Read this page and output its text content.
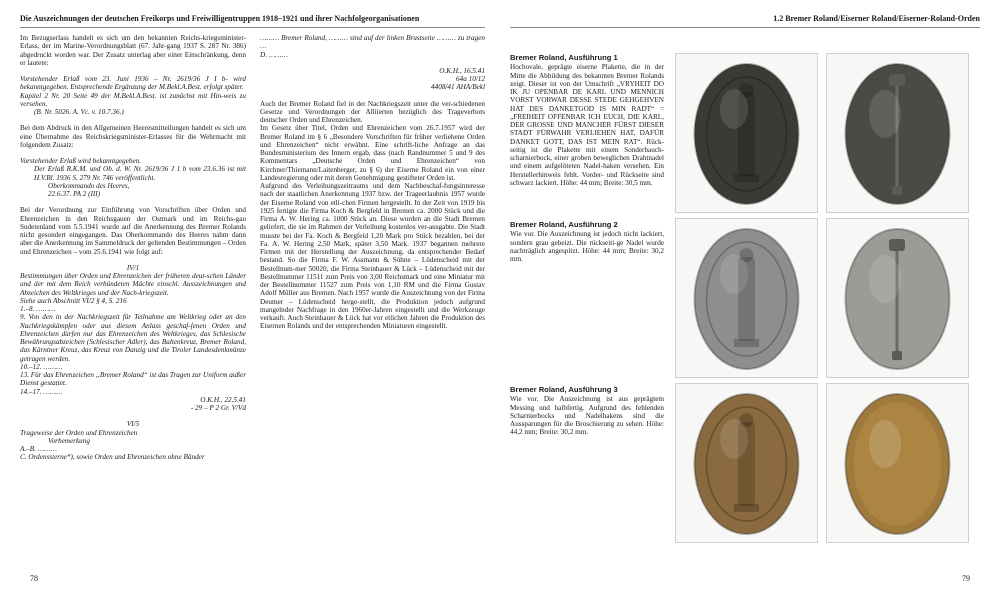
Die Auszeichnungen der deutschen Freikorps und Freiwilligentruppen 1918–1921 und ihrer Nachfolgeorganisationen	1.2 Bremer Roland/Eiserner Roland/Eiserner-Roland-Orden

Im Bezugserlass handelt es sich um den bekannten Reichs-kriegsminister-Erlass, der im Marine-Verordnungsblatt (67. Jahr-gang 1937 S. 287 Nr. 386) abgedruckt worden war. Der Zusatz unterlag aber einer Einschränkung, denn er lautete:

Vorstehender Erlaß vom 23. Juni 1936 – Nr. 2619/36 J I b- wird bekanntgegeben. Entsprechende Ergänzung der M.Bekl.A.Best. erfolgt später.

Kapitel 2 Nr. 20 Seite 49 der M.Bekl.A.Best. ist zunächst mit Hin-weis zu versehen.

(B. Nr. 5026. A. Vc. v. 10.7.36.)

Bei dem Abdruck in den Allgemeinen Heeresmitteilungen handelt es sich um eine Übernahme des Reichskriegsminister-Erlasses für die Wehrmacht mit folgendem Zusatz:

Vorstehender Erlaß wird bekanntgegeben.

Der Erlaß R.K.M. und Ob. d. W. Nr. 2619/36 J 1 b vom 23.6.36 ist mit H.V.Bl. 1936 S. 279 Nr. 746 veröffentlicht.

Oberkommando des Heeres,

22.6.37. PA 2 (III)

Bei der Verordnung zur Einführung von Vorschriften über Orden und Ehrenzeichen in den Reichsgauen der Ostmark und im Reichs-gau Sudetenland vom 5.5.1941 wurde auf die Anerkennung des Bremer Rolands nicht gesondert eingegangen. Das Oberkommando des Heeres nahm dann aber die Anerkennung im Sammeldruck der geltenden Bestimmungen – Orden und Ehrenzeichen – vom 25.6.1941 wie folgt auf:

IV/1

Bestimmungen über Orden und Ehrenzeichen der früheren deut-schen Länder und der mit dem Reich verbündeten Mächte einschl. Ausszeichnungen und Abzeichen des Weltkrieges und der Nach-kriegszeit.

Siehe auch Abschnitt VI/2 § 4, S. 216

1.–8. ………

9. Von den in der Nachkriegszeit für Teilnahme am Weltkrieg oder an den Nachkriegskämpfen oder aus diesem Anlass geschaf-fenen Orden und Ehrenzeichen dürfen nur das Ehrenzeichen des Weltkrieges, das Schlesische Bewährungsabzeichen (Schlesischer Adler), das Baltenkreuz, Bremer Roland, das Kärntner Kreuz, das Kreuz von Danzig und die Tiroler Landesdenkmünze getragen werden.

10.–12. ………

13. Für das Ehrenzeichen „Bremer Roland“ ist das Tragen zur Uniform außer Dienst gestattet.

14.–17. ………

O.K.H., 22.5.41

- 29 – P 2 Gr. V/Vd

VI/5

Trageweise der Orden und Ehrenzeichen

Vorbemerkung

A.–B. ………

C. Ordenssterne*), sowie Orden und Ehrenzeichen ohne Bänder

……… Bremer Roland, ……… sind auf der linken Brustseite ……… zu tragen …

D. ………

O.K.H., 16.5.41

64a 10/12

4408/41 AHA/Bekl

Auch der Bremer Roland fiel in der Nachkriegszeit unter die ver-schiedenen Gesetze und Verordnungen der Alliierten bezüglich des Trageverbots deutscher Orden und Ehrenzeichen.

Im Gesetz über Titel, Orden und Ehrenzeichen vom 26.7.1957 wird der Bremer Roland im § 6 „Besondere Vorschriften für früher verliehene Orden und Ehrenzeichen“ nicht erwähnt. Eine schrift-liche Anfrage an das Bundesministerium des Innern ergab, dass (nach Randnummer 5 und 9 des Kommentars „Deutsche Orden und Ehrenzeichen“ von Kirchner/Thiemann/Laitenberger, zu § 6) der Eiserne Roland ein von einer Landesregierung oder mit deren Genehmigung gestifteter Orden ist.

Aufgrund des Verleihungszeitraums und dem Nachbeschaf-fungsinteresse nach der staatlichen Anerkennung 1937 bzw. der Trageerlaubnis 1957 wurde der Eiserne Roland von etli-chen Firmen hergestellt. In der Zeit von 1919 bis 1925 fertigte die Firma Koch & Bergfeld in Bremen ca. 2000 Stück und die Firma A. W. Hering ca. 1000 Stück an. Diese wurden an die Stadt Bremen geliefert, die sie im Rahmen der Verleihung kostenlos ver-ausgabte. Die Stadt musste bei der Fa. Koch & Bergfeld 1,20 Mark pro Stück bezahlen, bei der Fa. A. W. Hering 2,50 Mark, später 3,50 Mark. 1937 begannen mehrere Firmen mit der Herstellung der Auszeichnung, da entsprechender Bedarf bestand. So die Firma F. W. Assmann & Söhne – Lüdenscheid mit der Bestellnum-mer 50020, die Firma Steinhauer & Lück – Lüdenscheid mit der Bestellnummer 11511 zum Preis von 3,00 Reichsmark und eine Miniatur mit der Bestellnummer 11527 zum Preis von 1,10 RM und die Firma Gustav Adolf Müller aus Bremen. Nach 1957 wurde die Auszeichnung von der Firma Deumer – Lüdenscheid herge-stellt, die Produktion jedoch aufgrund mangelnder Nachfrage in den 1960er-Jahren eingestellt und die Werkzeuge verkauft. Auch Steinhauer & Lück hat vor etlichen Jahren die Produktion des Eisernen Rolands und der entsprechenden Miniaturen eingestellt.

Bremer Roland, Ausführung 1

Hochovale, geprägte eiserne Plakette, die in der Mitte die Abbildung des bekannten Bremer Rolands zeigt. Dieser ist von der Umschrift „VRYHEIT DO IK JU OPENBAR DE KARL UND MENNICH VORST VORWAR DESSE STEDE GEHGEHVEN HAT DES DANKETGOD IS MIN RADT“ = „FREIHEIT OFFENBAR ICH EUCH, DIE KARL, DER GROSSE UND MANCHER FÜRST DIESER STADT FÜRWAHR VERLIEHEN HAT, DAFÜR DANKET GOTT, DAS IST MEIN RAT“. Rück-seitig ist die Plakette mit einem Sonderbauch-scharnierbock, einer groben beweglichen Drahtnadel und einem aufgelöteten Nadel-haken versehen. Ein Herstellerhinweis fehlt. Vorder- und Rückseite sind schwarz lackiert. Höhe: 44 mm; Breite: 30,5 mm.

Bremer Roland, Ausführung 2

Wie vor. Die Auszeichnung ist jedoch nicht lackiert, sondern grau gebeizt. Die rückseiti-ge Nadel wurde nachträglich angespitzt. Höhe: 44 mm; Breite: 30,2 mm.

Bremer Roland, Ausführung 3

Wie vor. Die Auszeichnung ist aus geprägtem Messing und halbfertig. Aufgrund des fehlenden Scharnierbocks und Nadelhakens sind die Aussparungen für die Broschierung zu sehen. Höhe: 44,2 mm; Breite: 30,2 mm.

78	79
